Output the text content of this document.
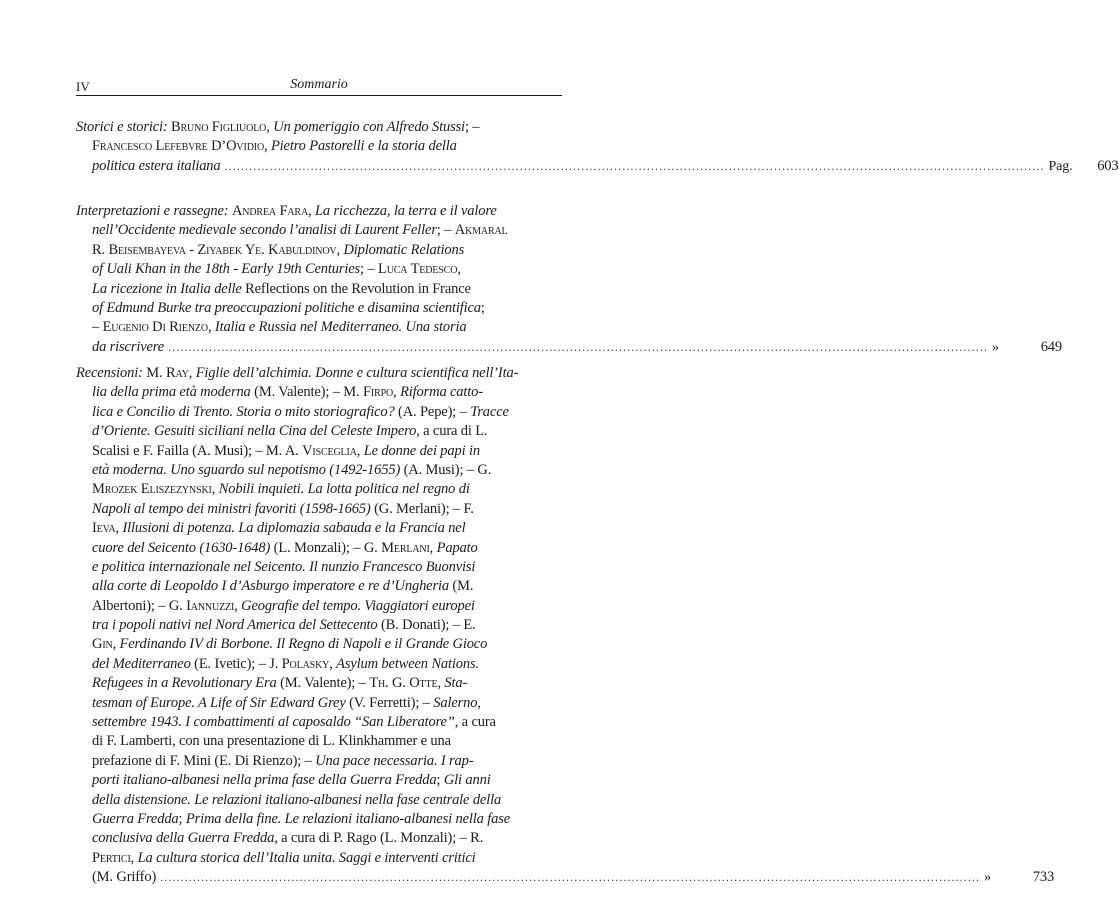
IV	Sommario
Storici e storici: Bruno Figliuolo, Un pomeriggio con Alfredo Stussi; –
Francesco Lefebvre D’Ovidio, Pietro Pastorelli e la storia della
politica estera italiana ........................................................................................................................................................................................................ Pag.	603
Interpretazioni e rassegne: Andrea Fara, La ricchezza, la terra e il valore
nell’Occidente medievale secondo l’analisi di Laurent Feller; – Akmaral
R. Beisembayeva - Ziyabek Ye. Kabuldinov, Diplomatic Relations
of Uali Khan in the 18th - Early 19th Centuries; – Luca Tedesco,
La ricezione in Italia delle Reflections on the Revolution in France
of Edmund Burke tra preoccupazioni politiche e disamina scientifica;
– Eugenio Di Rienzo, Italia e Russia nel Mediterraneo. Una storia
da riscrivere ........................................................................................................................................................................................................ »	649
Recensioni: M. Ray, Figlie dell’alchimia. Donne e cultura scientifica nell’Ita-
lia della prima età moderna (M. Valente); – M. Firpo, Riforma catto-
lica e Concilio di Trento. Storia o mito storiografico? (A. Pepe); – Tracce
d’Oriente. Gesuiti siciliani nella Cina del Celeste Impero, a cura di L.
Scalisi e F. Failla (A. Musi); – M. A. Visceglia, Le donne dei papi in
età moderna. Uno sguardo sul nepotismo (1492-1655) (A. Musi); – G.
Mrozek Eliszezynski, Nobili inquieti. La lotta politica nel regno di
Napoli al tempo dei ministri favoriti (1598-1665) (G. Merlani); – F.
Ieva, Illusioni di potenza. La diplomazia sabauda e la Francia nel
cuore del Seicento (1630-1648) (L. Monzali); – G. Merlani, Papato
e politica internazionale nel Seicento. Il nunzio Francesco Buonvisi
alla corte di Leopoldo I d’Asburgo imperatore e re d’Ungheria (M.
Albertoni); – G. Iannuzzi, Geografie del tempo. Viaggiatori europei
tra i popoli nativi nel Nord America del Settecento (B. Donati); – E.
Gin, Ferdinando IV di Borbone. Il Regno di Napoli e il Grande Gioco
del Mediterraneo (E. Ivetic); – J. Polasky, Asylum between Nations.
Refugees in a Revolutionary Era (M. Valente); – Th. G. Otte, Sta-
tesman of Europe. A Life of Sir Edward Grey (V. Ferretti); – Salerno,
settembre 1943. I combattimenti al caposaldo “San Liberatore”, a cura
di F. Lamberti, con una presentazione di L. Klinkhammer e una
prefazione di F. Mini (E. Di Rienzo); – Una pace necessaria. I rap-
porti italiano-albanesi nella prima fase della Guerra Fredda; Gli anni
della distensione. Le relazioni italiano-albanesi nella fase centrale della
Guerra Fredda; Prima della fine. Le relazioni italiano-albanesi nella fase
conclusiva della Guerra Fredda, a cura di P. Rago (L. Monzali); – R.
Pertici, La cultura storica dell’Italia unita. Saggi e interventi critici
(M. Griffo) ........................................................................................................................................................................................................ »	733
